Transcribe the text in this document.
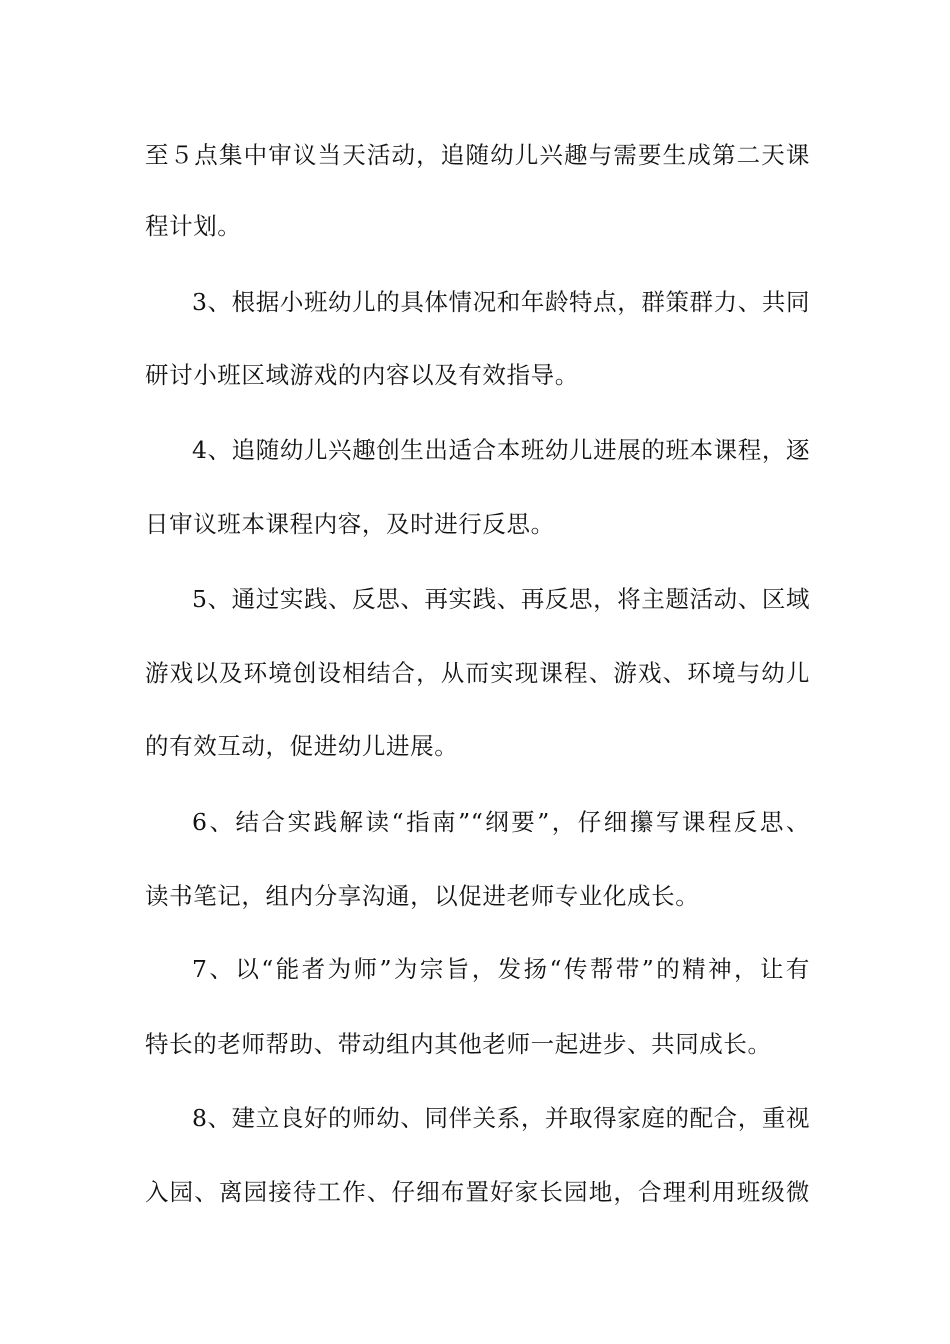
至５点集中审议当天活动，追随幼儿兴趣与需要生成第二天课
程计划。
3、根据小班幼儿的具体情况和年龄特点，群策群力、共同
研讨小班区域游戏的内容以及有效指导。
4、追随幼儿兴趣创生出适合本班幼儿进展的班本课程，逐
日审议班本课程内容，及时进行反思。
5、通过实践、反思、再实践、再反思，将主题活动、区域
游戏以及环境创设相结合，从而实现课程、游戏、环境与幼儿
的有效互动，促进幼儿进展。
6、结合实践解读“指南”“纲要”，仔细攥写课程反思、
读书笔记，组内分享沟通，以促进老师专业化成长。
7、以“能者为师”为宗旨，发扬“传帮带”的精神，让有
特长的老师帮助、带动组内其他老师一起进步、共同成长。
8、建立良好的师幼、同伴关系，并取得家庭的配合，重视
入园、离园接待工作、仔细布置好家长园地，合理利用班级微
